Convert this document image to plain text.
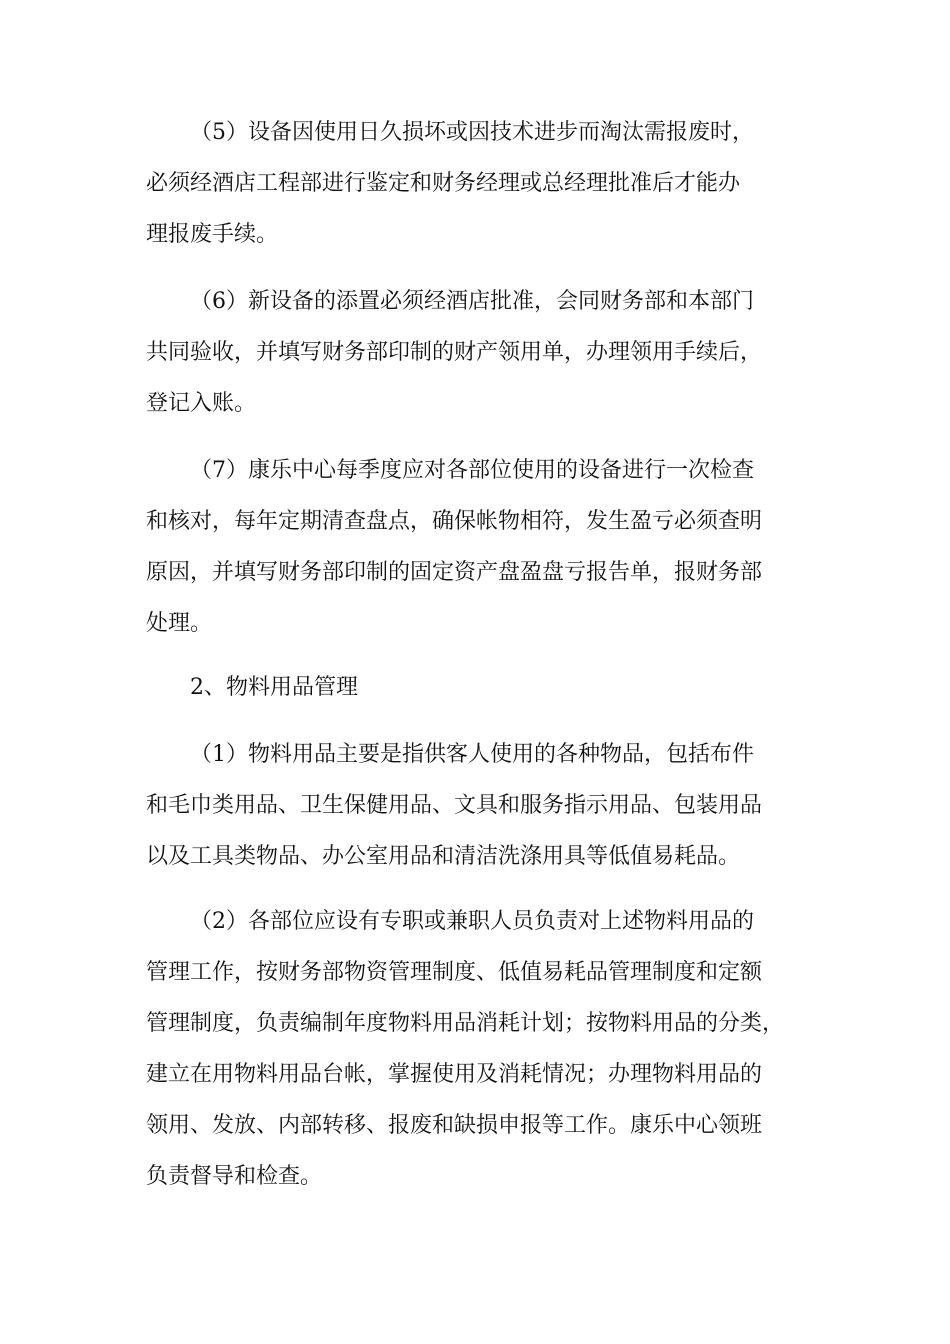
（5）设备因使用日久损坏或因技术进步而淘汰需报废时，
必须经酒店工程部进行鉴定和财务经理或总经理批准后才能办
理报废手续。
（6）新设备的添置必须经酒店批准，会同财务部和本部门
共同验收，并填写财务部印制的财产领用单，办理领用手续后，
登记入账。
（7）康乐中心每季度应对各部位使用的设备进行一次检查
和核对，每年定期清查盘点，确保帐物相符，发生盈亏必须查明
原因，并填写财务部印制的固定资产盘盈盘亏报告单，报财务部
处理。
2、物料用品管理
（1）物料用品主要是指供客人使用的各种物品，包括布件
和毛巾类用品、卫生保健用品、文具和服务指示用品、包装用品
以及工具类物品、办公室用品和清洁洗涤用具等低值易耗品。
（2）各部位应设有专职或兼职人员负责对上述物料用品的
管理工作，按财务部物资管理制度、低值易耗品管理制度和定额
管理制度，负责编制年度物料用品消耗计划；按物料用品的分类，
建立在用物料用品台帐，掌握使用及消耗情况；办理物料用品的
领用、发放、内部转移、报废和缺损申报等工作。康乐中心领班
负责督导和检查。
